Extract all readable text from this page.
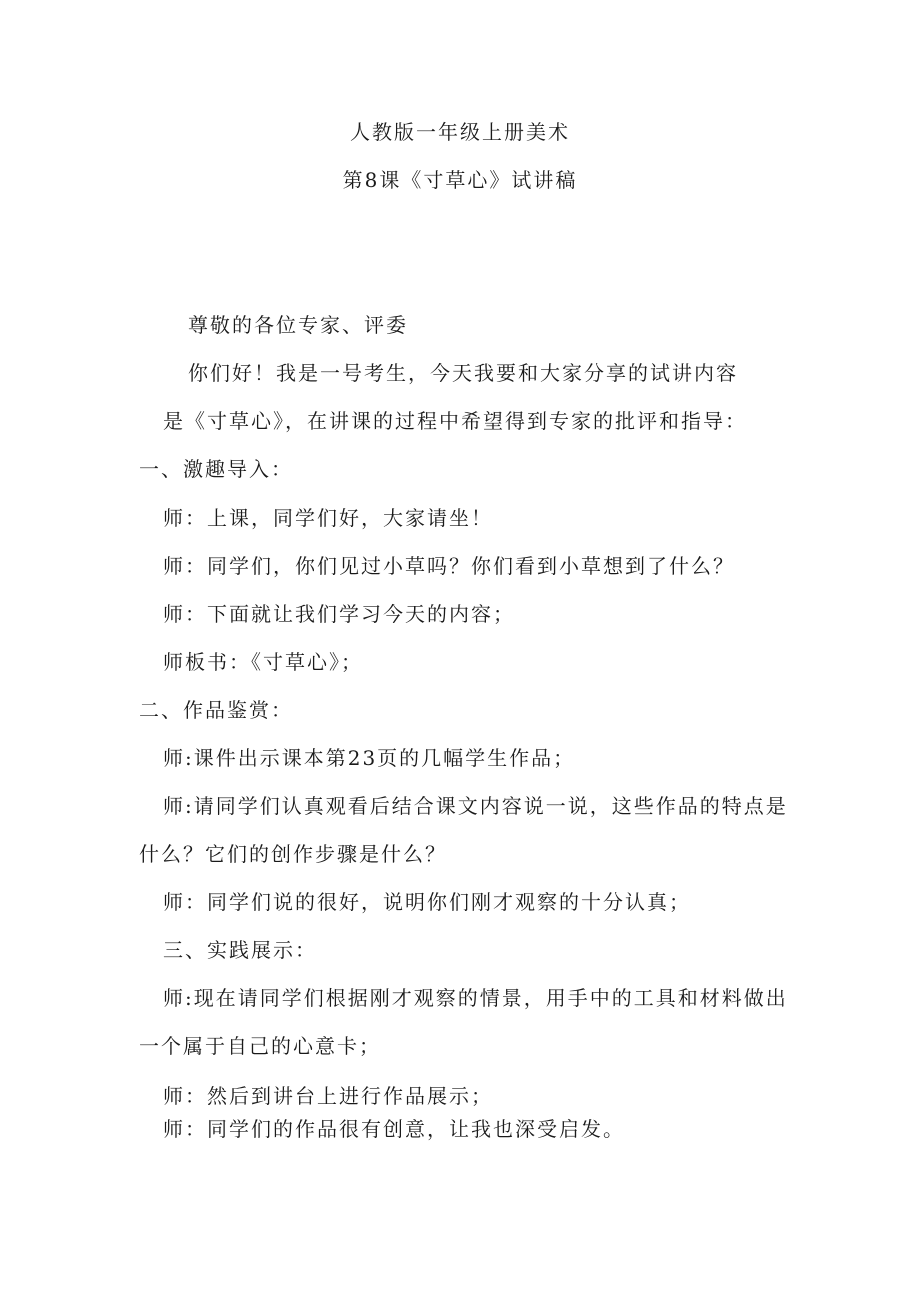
人教版一年级上册美术
第8课《寸草心》试讲稿
尊敬的各位专家、评委
你们好！我是一号考生，今天我要和大家分享的试讲内容
是《寸草心》，在讲课的过程中希望得到专家的批评和指导：
一、激趣导入：
师：上课，同学们好，大家请坐！
师：同学们，你们见过小草吗？你们看到小草想到了什么？
师：下面就让我们学习今天的内容；
师板书：《寸草心》；
二、作品鉴赏：
师:课件出示课本第23页的几幅学生作品；
师:请同学们认真观看后结合课文内容说一说，这些作品的特点是
什么？它们的创作步骤是什么？
师：同学们说的很好，说明你们刚才观察的十分认真；
三、实践展示：
师:现在请同学们根据刚才观察的情景，用手中的工具和材料做出
一个属于自己的心意卡；
师：然后到讲台上进行作品展示；
师：同学们的作品很有创意，让我也深受启发。
